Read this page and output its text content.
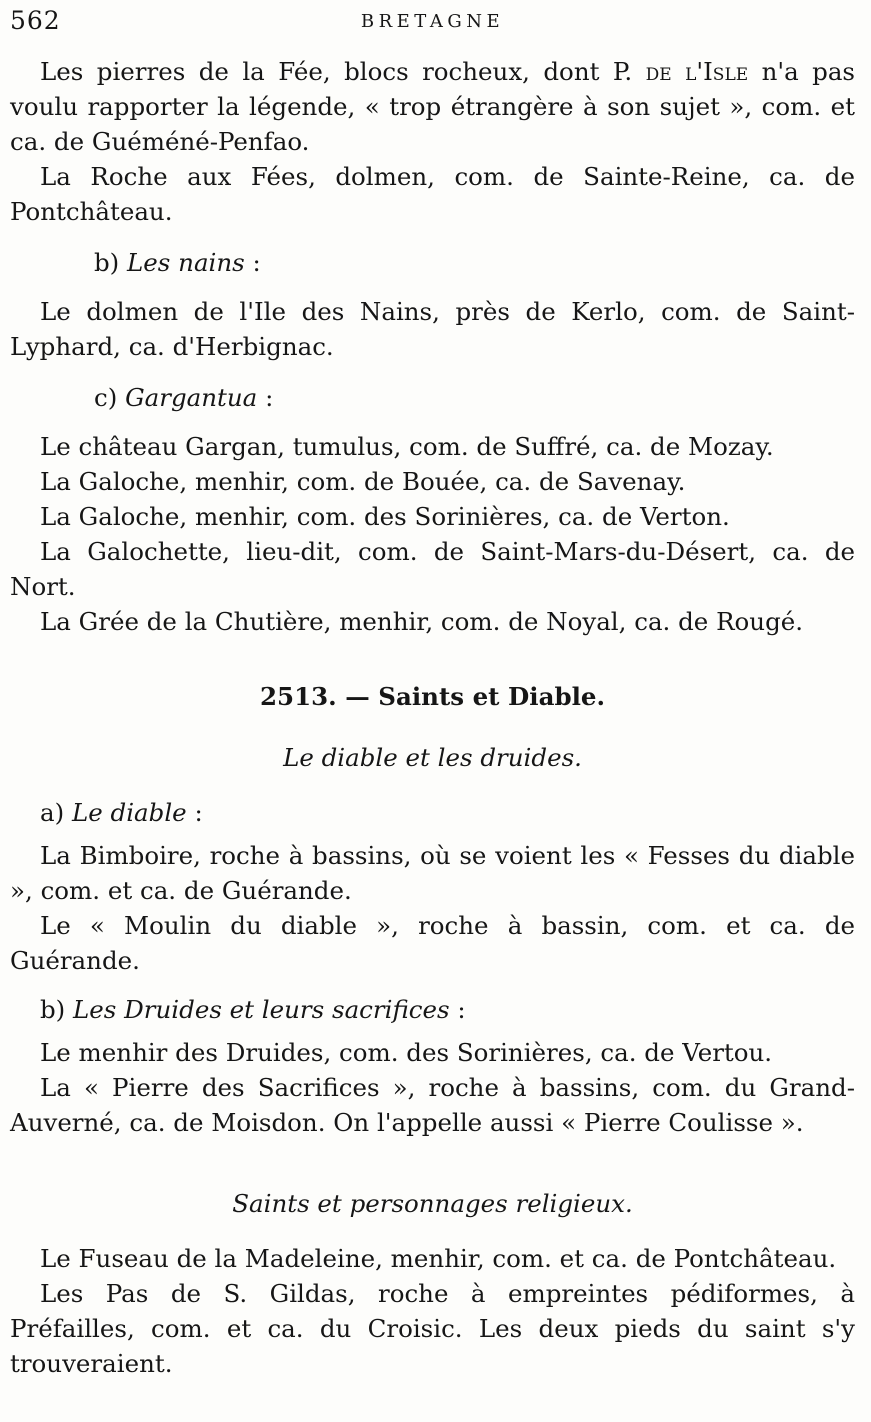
562	BRETAGNE

Les pierres de la Fée, blocs rocheux, dont P. de l'Isle n'a pas voulu rapporter la légende, « trop étrangère à son sujet », com. et ca. de Guéméné-Penfao.

La Roche aux Fées, dolmen, com. de Sainte-Reine, ca. de Pontchâteau.

b) Les nains :

Le dolmen de l'Ile des Nains, près de Kerlo, com. de Saint-Lyphard, ca. d'Herbignac.

c) Gargantua :

Le château Gargan, tumulus, com. de Suffré, ca. de Mozay.

La Galoche, menhir, com. de Bouée, ca. de Savenay.

La Galoche, menhir, com. des Sorinières, ca. de Verton.

La Galochette, lieu-dit, com. de Saint-Mars-du-Désert, ca. de Nort.

La Grée de la Chutière, menhir, com. de Noyal, ca. de Rougé.

2513. — Saints et Diable.

Le diable et les druides.

a) Le diable :

La Bimboire, roche à bassins, où se voient les « Fesses du diable », com. et ca. de Guérande.

Le « Moulin du diable », roche à bassin, com. et ca. de Guérande.

b) Les Druides et leurs sacrifices :

Le menhir des Druides, com. des Sorinières, ca. de Vertou.

La « Pierre des Sacrifices », roche à bassins, com. du Grand-Auverné, ca. de Moisdon. On l'appelle aussi « Pierre Coulisse ».

Saints et personnages religieux.

Le Fuseau de la Madeleine, menhir, com. et ca. de Pontchâteau.

Les Pas de S. Gildas, roche à empreintes pédiformes, à Préfailles, com. et ca. du Croisic. Les deux pieds du saint s'y trouveraient.
